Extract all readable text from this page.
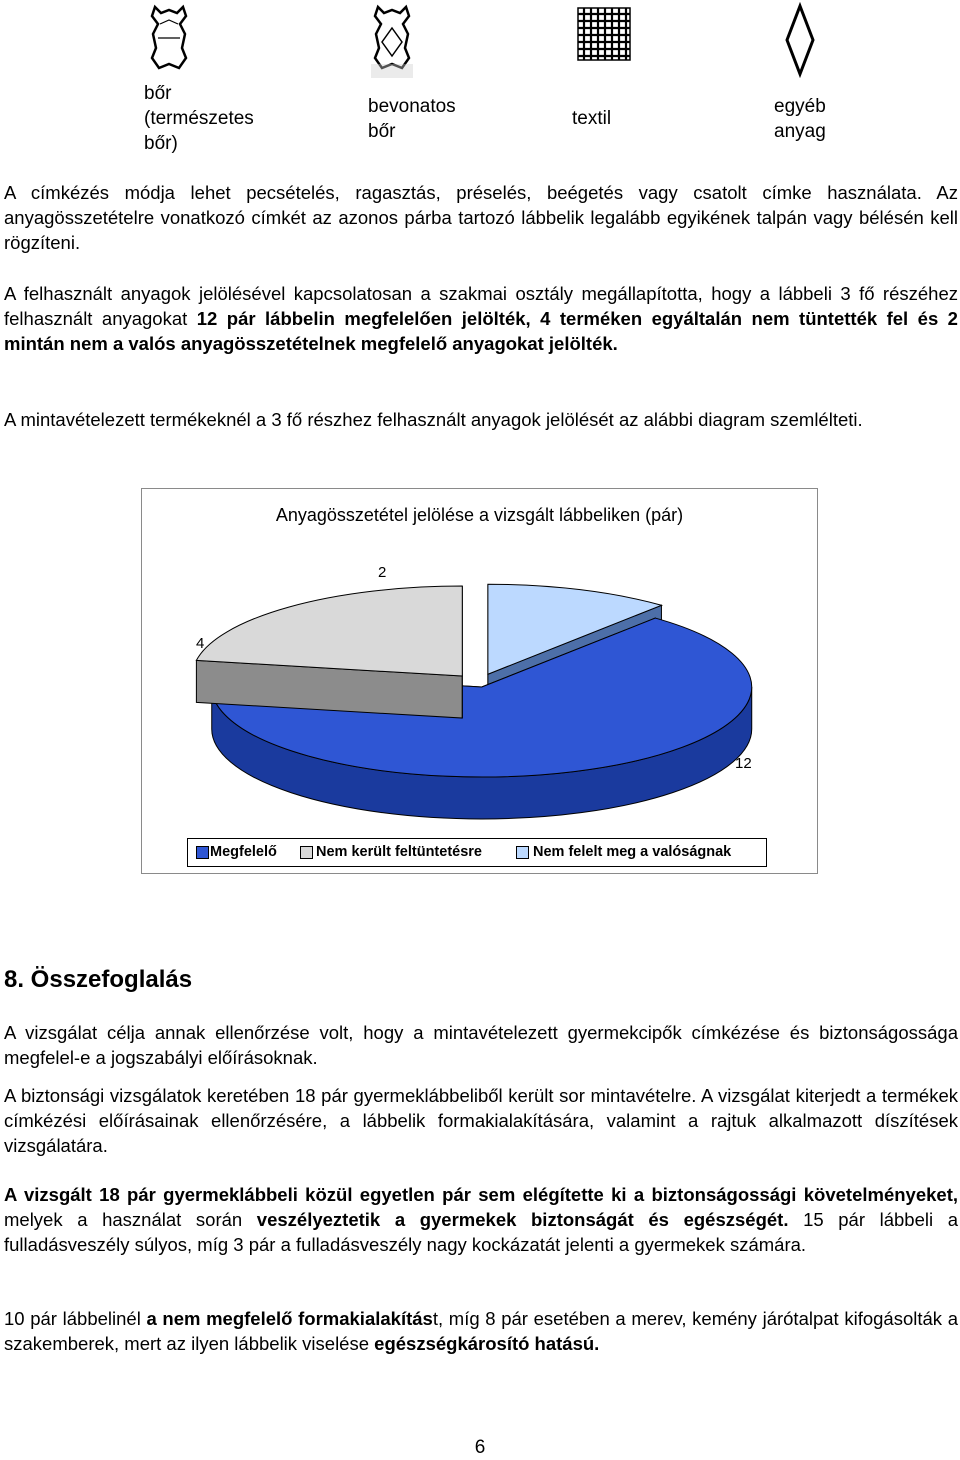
bőr
(természetes
bőr)
bevonatos
bőr
textil
egyéb
anyag

A címkézés módja lehet pecsételés, ragasztás, préselés, beégetés vagy csatolt címke használata. Az anyagösszetételre vonatkozó címkét az azonos párba tartozó lábbelik legalább egyikének talpán vagy bélésén kell rögzíteni.

A felhasznált anyagok jelölésével kapcsolatosan a szakmai osztály megállapította, hogy a lábbeli 3 fő részéhez felhasznált anyagokat 12 pár lábbelin megfelelően jelölték, 4 terméken egyáltalán nem tüntették fel és 2 mintán nem a valós anyagösszetételnek megfelelő anyagokat jelölték.

A mintavételezett termékeknél a 3 fő részhez felhasznált anyagok jelölését az alábbi diagram szemlélteti.

Anyagösszetétel jelölése a vizsgált lábbeliken (pár)
2
4
12
Megfelelő	Nem került feltüntetésre	Nem felelt meg a valóságnak
8. Összefoglalás

A vizsgálat célja annak ellenőrzése volt, hogy a mintavételezett gyermekcipők címkézése és biztonságossága megfelel-e a jogszabályi előírásoknak.

A biztonsági vizsgálatok keretében 18 pár gyermeklábbeliből került sor mintavételre. A vizsgálat kiterjedt a termékek címkézési előírásainak ellenőrzésére, a lábbelik formakialakítására, valamint a rajtuk alkalmazott díszítések vizsgálatára.

A vizsgált 18 pár gyermeklábbeli közül egyetlen pár sem elégítette ki a biztonságossági követelményeket, melyek a használat során veszélyeztetik a gyermekek biztonságát és egészségét. 15 pár lábbeli a fulladásveszély súlyos, míg 3 pár a fulladásveszély nagy kockázatát jelenti a gyermekek számára.

10 pár lábbelinél a nem megfelelő formakialakítást, míg 8 pár esetében a merev, kemény járótalpat kifogásolták a szakemberek, mert az ilyen lábbelik viselése egészségkárosító hatású.

6
